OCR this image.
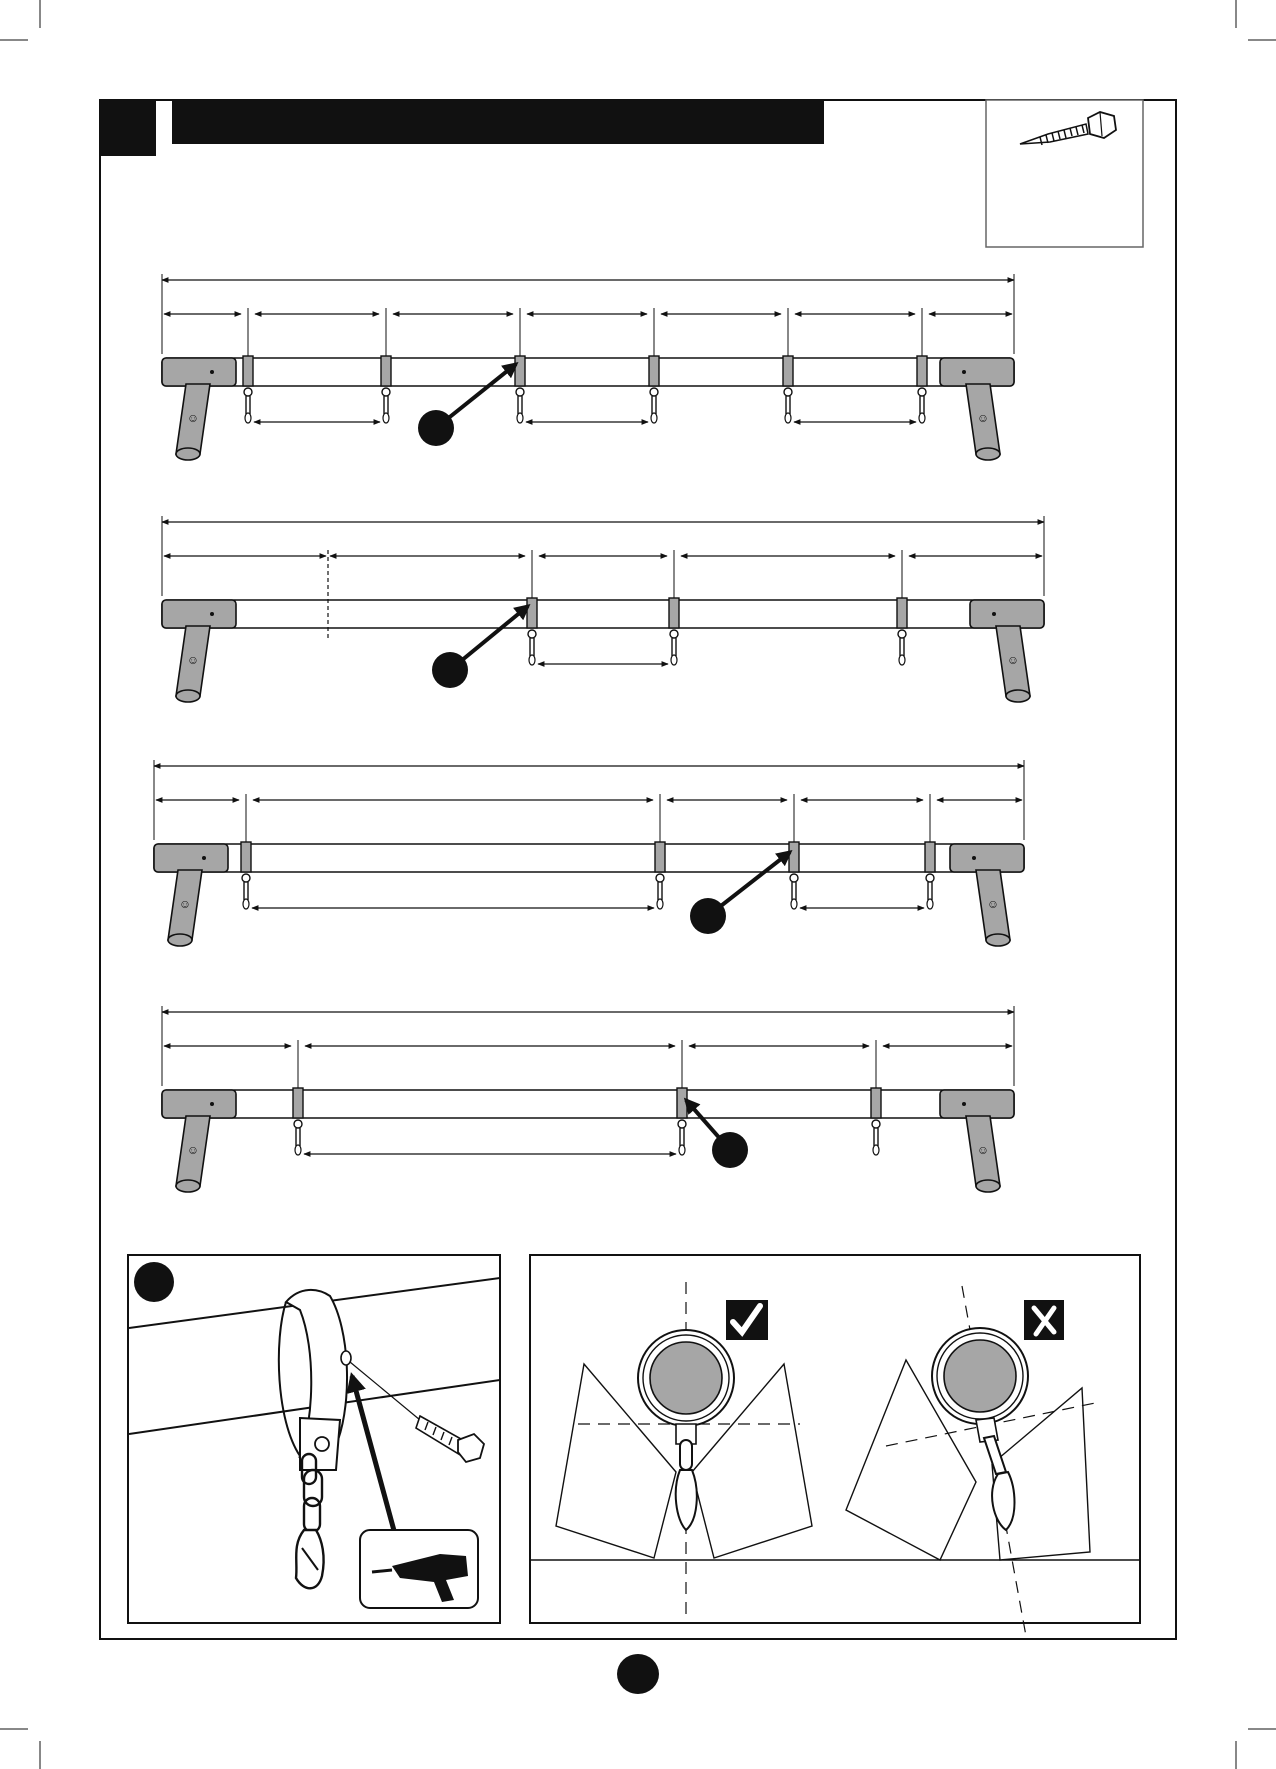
☺	☺
☺	☺
☺	☺
☺	☺
